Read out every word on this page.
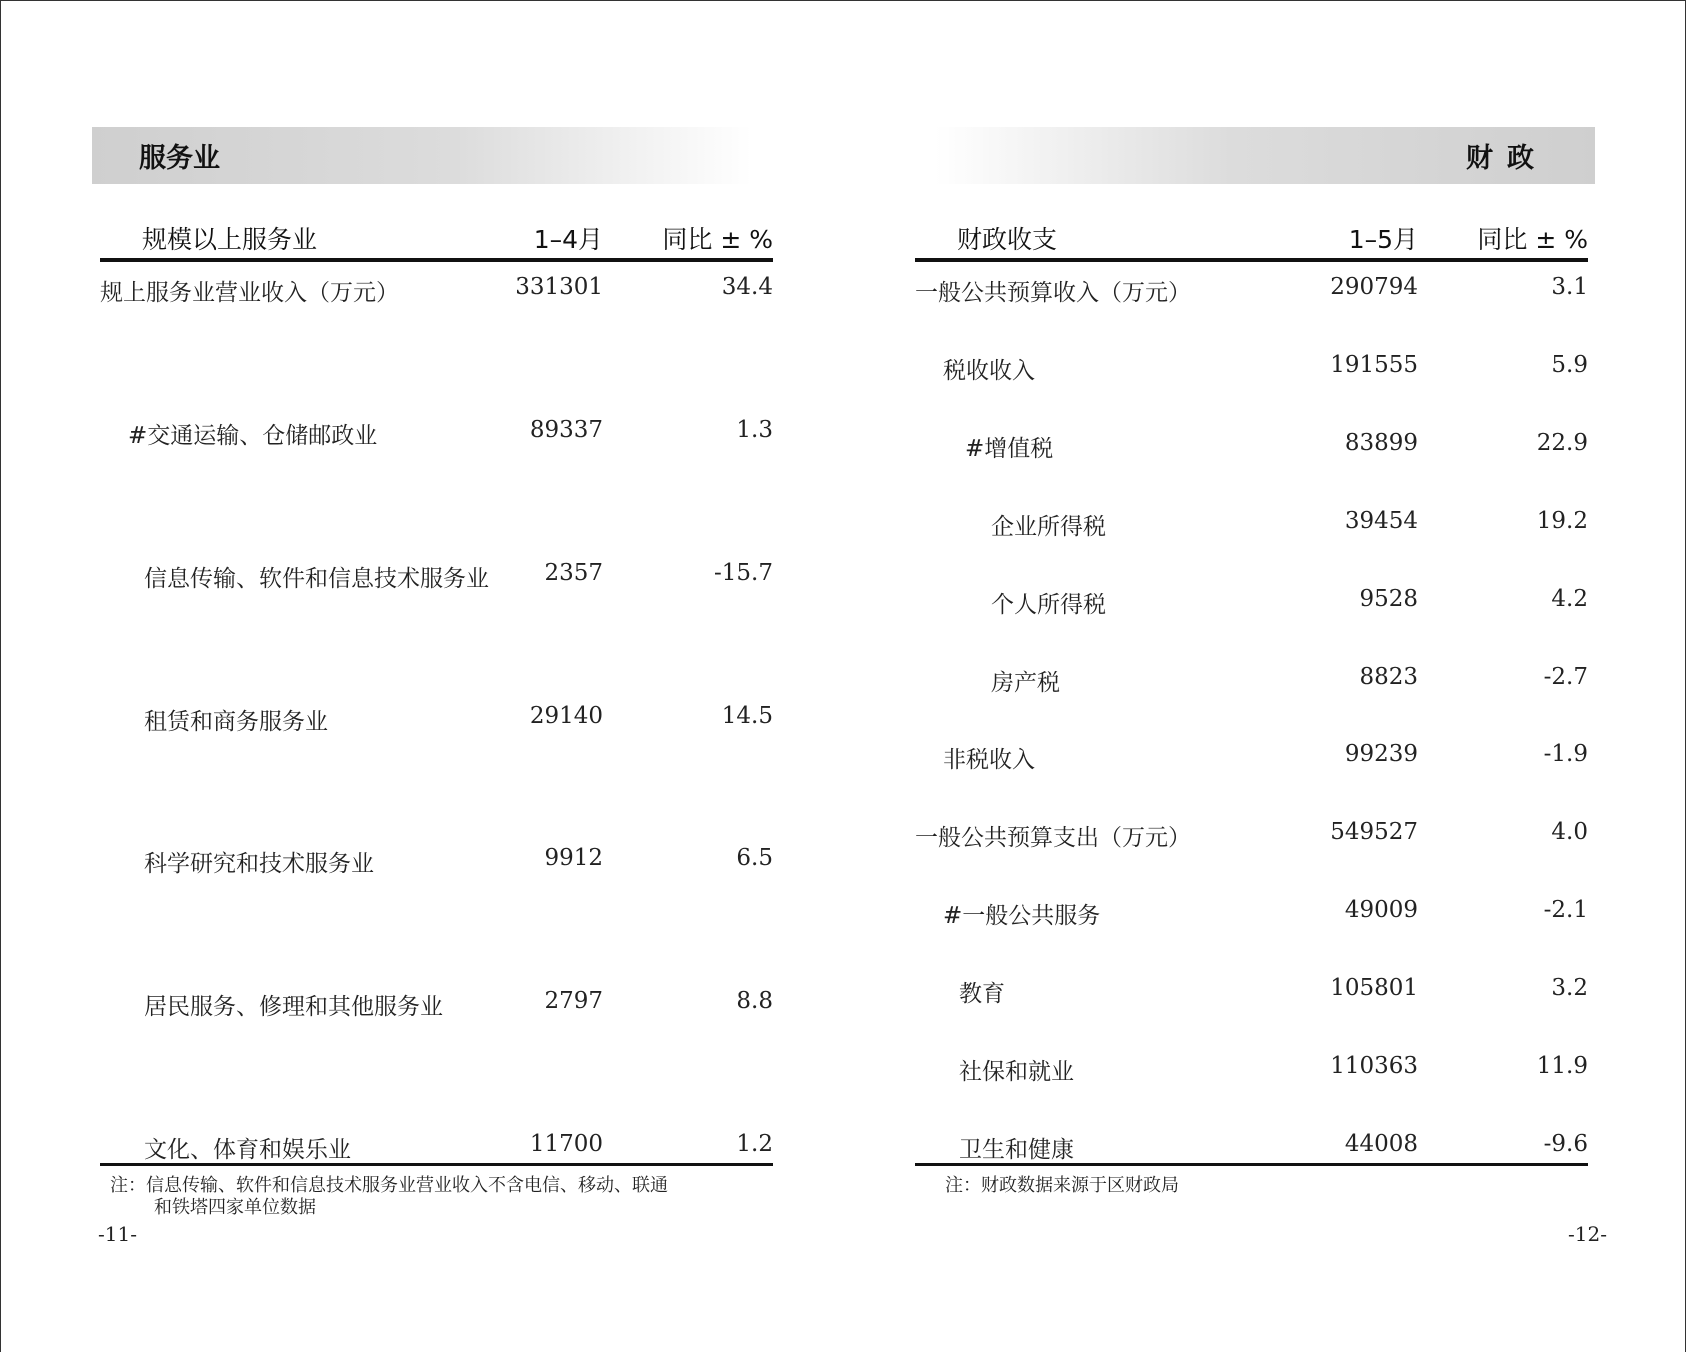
服务业
规模以上服务业	1–4月 同比 ± %
规上服务业营业收入（万元）	331301	34.4
#交通运输、仓储邮政业	89337	1.3
信息传输、软件和信息技术服务业 2357	-15.7
租赁和商务服务业	29140	14.5
科学研究和技术服务业	9912	6.5
居民服务、修理和其他服务业	2797	8.8
文化、体育和娱乐业	11700	1.2
注：信息传输、软件和信息技术服务业营业收入不含电信、移动、联通
和铁塔四家单位数据
-11-
财政
财政收支	1–5月 同比 ± %
一般公共预算收入（万元）	290794	3.1
税收收入	191555	5.9
#增值税	83899	22.9
企业所得税	39454	19.2
个人所得税	9528	4.2
房产税	8823	-2.7
非税收入	99239	-1.9
一般公共预算支出（万元）	549527	4.0
#一般公共服务	49009	-2.1
教育	105801	3.2
社保和就业	110363	11.9
卫生和健康	44008	-9.6
注：财政数据来源于区财政局
-12-
